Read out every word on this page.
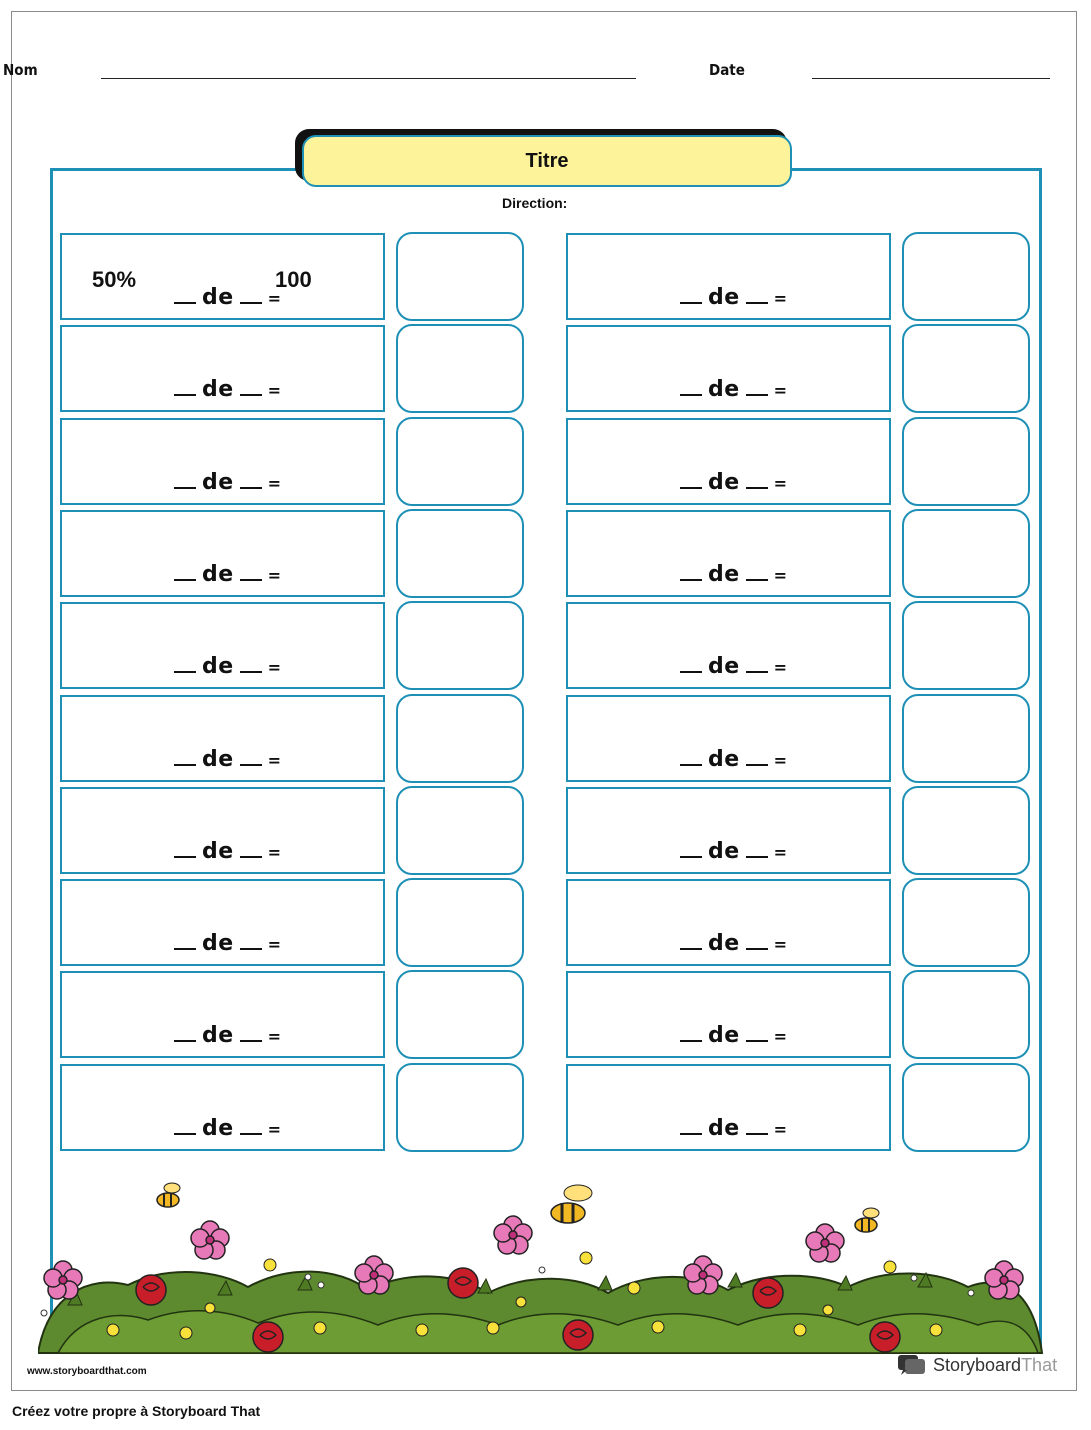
Nom	Date
Titre
Direction:
de =
50%	100
de =
de =
de =
de =
de =
de =
de =
de =
de =
de =
de =
de =
de =
de =
de =
de =
de =
de =
de =
www.storyboardthat.com	StoryboardThat
Créez votre propre à Storyboard That
